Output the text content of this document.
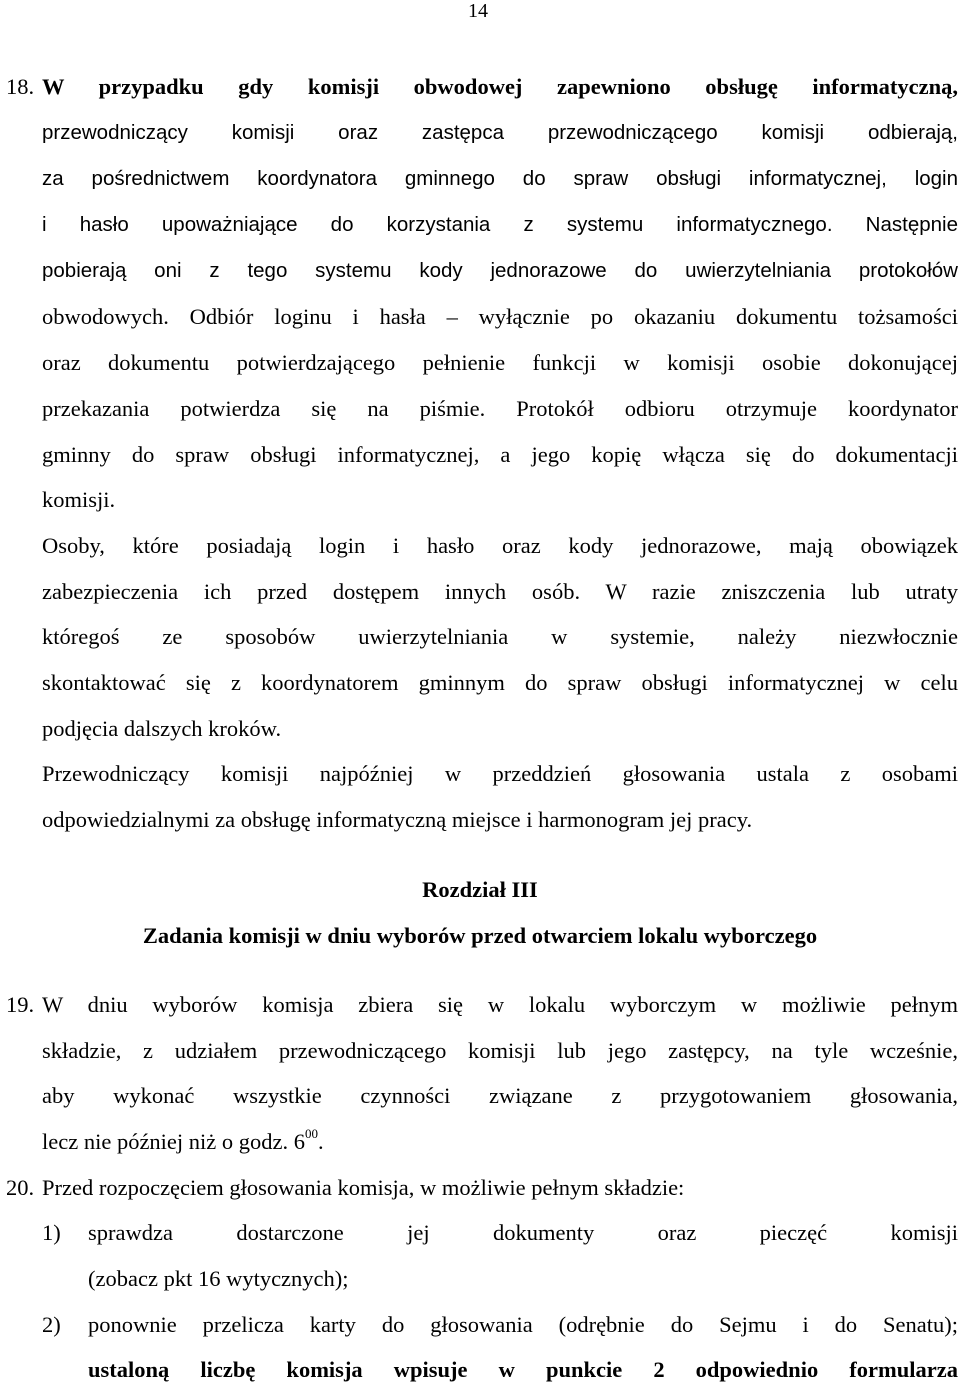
14
18. W przypadku gdy komisji obwodowej zapewniono obsługę informatyczną,
przewodniczący komisji oraz zastępca przewodniczącego komisji odbierają,
za pośrednictwem koordynatora gminnego do spraw obsługi informatycznej, login
i hasło upoważniające do korzystania z systemu informatycznego. Następnie
pobierają oni z tego systemu kody jednorazowe do uwierzytelniania protokołów
obwodowych. Odbiór loginu i hasła – wyłącznie po okazaniu dokumentu tożsamości
oraz dokumentu potwierdzającego pełnienie funkcji w komisji osobie dokonującej
przekazania potwierdza się na piśmie. Protokół odbioru otrzymuje koordynator
gminny do spraw obsługi informatycznej, a jego kopię włącza się do dokumentacji
komisji.
Osoby, które posiadają login i hasło oraz kody jednorazowe, mają obowiązek
zabezpieczenia ich przed dostępem innych osób. W razie zniszczenia lub utraty
któregoś ze sposobów uwierzytelniania w systemie, należy niezwłocznie
skontaktować się z koordynatorem gminnym do spraw obsługi informatycznej w celu
podjęcia dalszych kroków.
Przewodniczący komisji najpóźniej w przeddzień głosowania ustala z osobami
odpowiedzialnymi za obsługę informatyczną miejsce i harmonogram jej pracy.
Rozdział III
Zadania komisji w dniu wyborów przed otwarciem lokalu wyborczego
19. W dniu wyborów komisja zbiera się w lokalu wyborczym w możliwie pełnym
składzie, z udziałem przewodniczącego komisji lub jego zastępcy, na tyle wcześnie,
aby wykonać wszystkie czynności związane z przygotowaniem głosowania,
lecz nie później niż o godz. $6^{00}$.
20. Przed rozpoczęciem głosowania komisja, w możliwie pełnym składzie:
1) sprawdza dostarczone jej dokumenty oraz pieczęć komisji
(zobacz pkt 16 wytycznych);
2) ponownie przelicza karty do głosowania (odrębnie do Sejmu i do Senatu);
ustaloną liczbę komisja wpisuje w punkcie 2 odpowiednio formularza
